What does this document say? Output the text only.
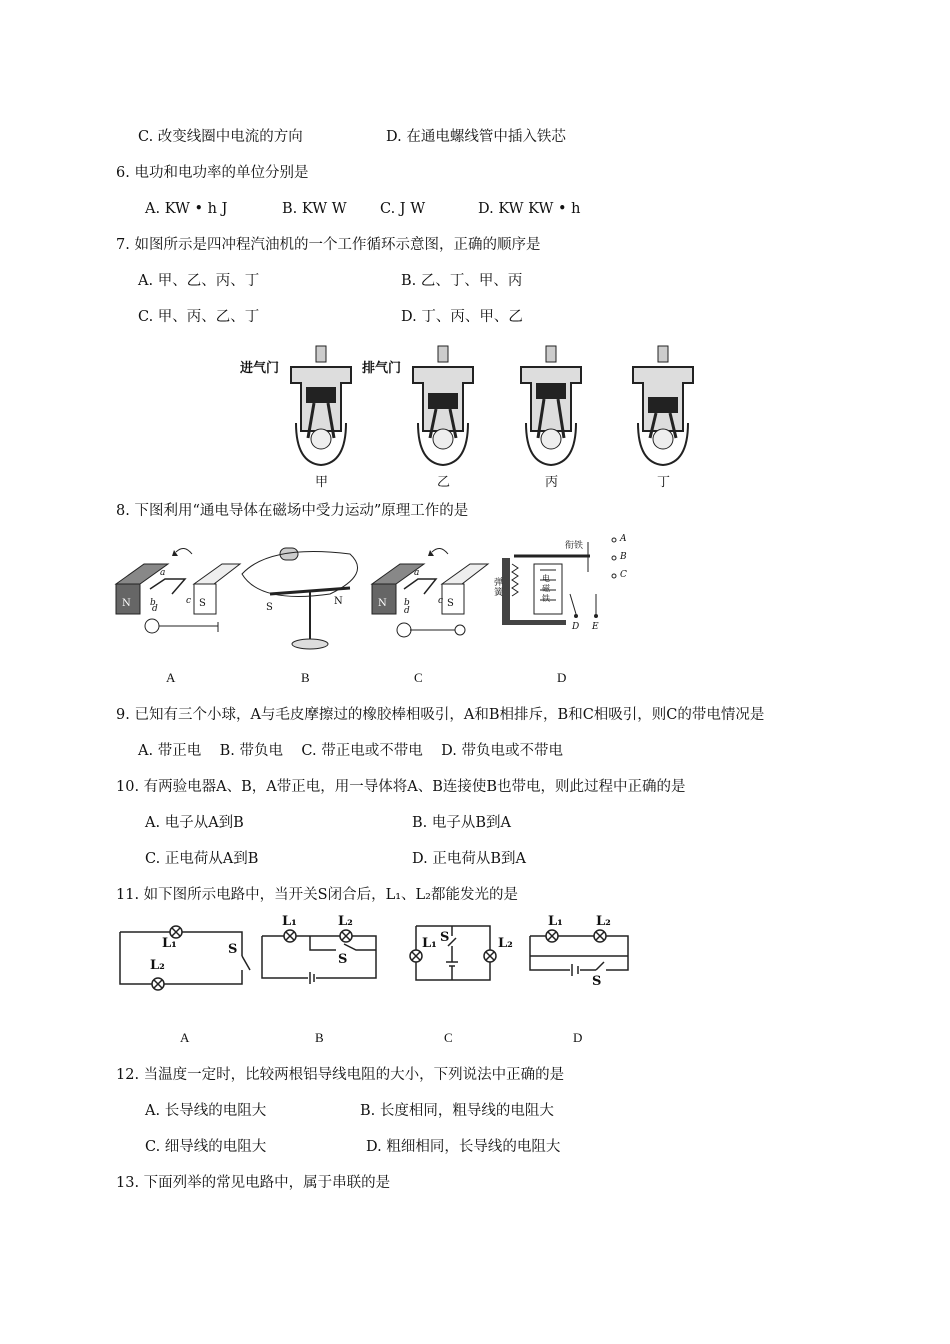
C. 改变线圈中电流的方向	D. 在通电螺线管中插入铁芯
6. 电功和电功率的单位分别是
A. KW • h J	B. KW W C. J W	D. KW KW • h
7. 如图所示是四冲程汽油机的一个工作循环示意图，正确的顺序是
A. 甲、乙、丙、丁	B. 乙、丁、甲、丙
C. 甲、丙、乙、丁	D. 丁、丙、甲、乙
进气门	排气门
甲	乙	丙	丁
8. 下图利用“通电导体在磁场中受力运动”原理工作的是
N	S
a
b	c
d	S
N	N	S
a
b	c
d
衔铁
弹簧
电磁铁
A
B
C
D E
A	B	C	D
9. 已知有三个小球，A与毛皮摩擦过的橡胶棒相吸引，A和B相排斥，B和C相吸引，则C的带电情况是
A. 带正电    B. 带负电    C. 带正电或不带电    D. 带负电或不带电
10. 有两验电器A、B，A带正电，用一导体将A、B连接使B也带电，则此过程中正确的是
A. 电子从A到B	B. 电子从B到A
C. 正电荷从A到B	D. 正电荷从B到A
11. 如下图所示电路中，当开关S闭合后，L₁、L₂都能发光的是
L₁
L₂
S
L₁	L₂
S
L₁	L₂
S
L₁	L₂
S
A	B	C	D
12. 当温度一定时，比较两根铝导线电阻的大小，下列说法中正确的是
A. 长导线的电阻大	B. 长度相同，粗导线的电阻大
C. 细导线的电阻大	D. 粗细相同，长导线的电阻大
13. 下面列举的常见电路中，属于串联的是
